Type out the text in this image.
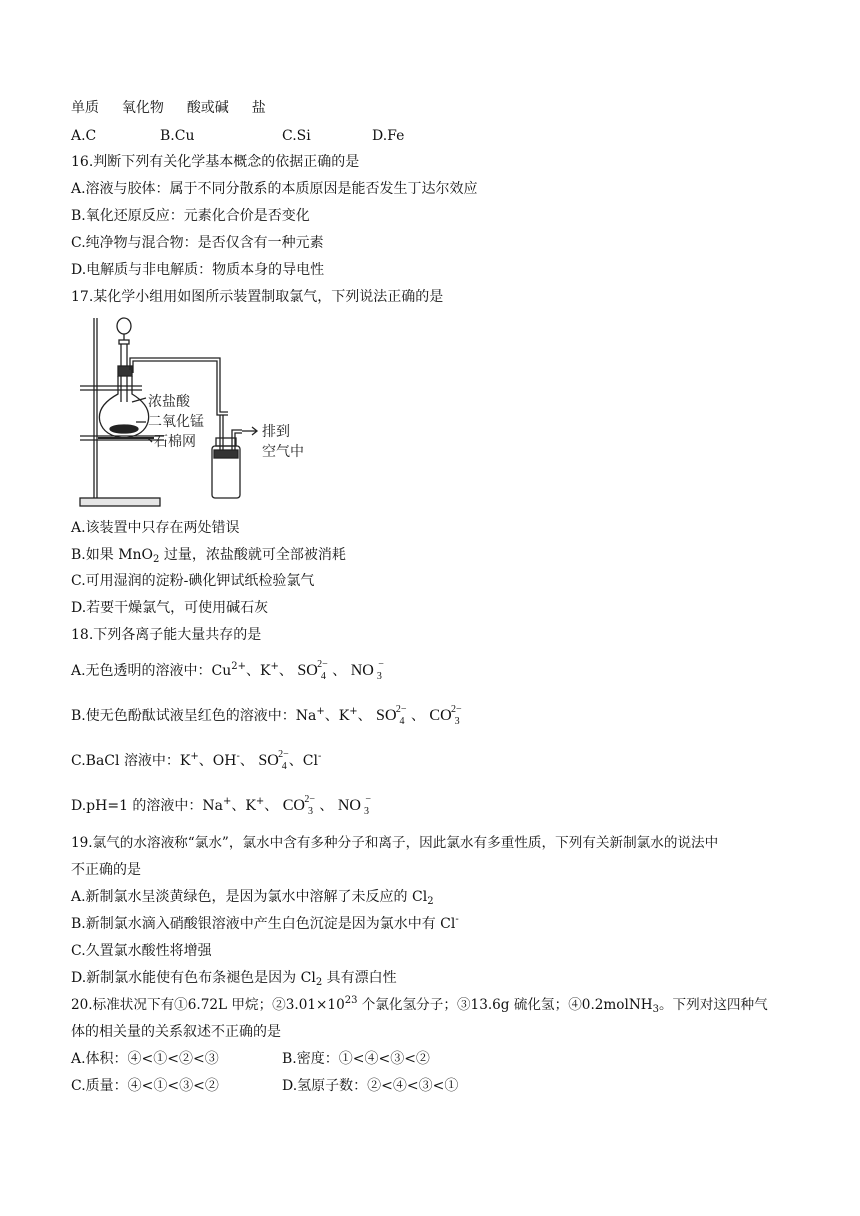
单质 氧化物 酸或碱 盐
A.C	B.Cu	C.Si	D.Fe
16.判断下列有关化学基本概念的依据正确的是
A.溶液与胶体：属于不同分散系的本质原因是能否发生丁达尔效应
B.氧化还原反应：元素化合价是否变化
C.纯净物与混合物：是否仅含有一种元素
D.电解质与非电解质：物质本身的导电性
17.某化学小组用如图所示装置制取氯气，下列说法正确的是
浓盐酸
二氧化锰
石棉网
排到
空气中
A.该装置中只存在两处错误
B.如果 MnO$_2$ 过量，浓盐酸就可全部被消耗
C.可用湿润的淀粉-碘化钾试纸检验氯气
D.若要干燥氯气，可使用碱石灰
18.下列各离子能大量共存的是
A.无色透明的溶液中：$Cu^{2+}$、K+、 SO 2−
4 、 NO −
3
B.使无色酚酞试液呈红色的溶液中：Na+、K+、 SO 2−
4 、 CO 2−
3
C.BaCl 溶液中：K+、OH-、 SO 2−
4 、Cl-
D.pH=1 的溶液中：Na+、K+、 CO 2−
3 、 NO −
3
19.氯气的水溶液称“氯水”，氯水中含有多种分子和离子，因此氯水有多重性质，下列有关新制氯水的说法中
不正确的是
A.新制氯水呈淡黄绿色，是因为氯水中溶解了未反应的 $Cl_2$
B.新制氯水滴入硝酸银溶液中产生白色沉淀是因为氯水中有 Cl-
C.久置氯水酸性将增强
D.新制氯水能使有色布条褪色是因为 $Cl_2$ 具有漂白性
20.标准状况下有①6.72L 甲烷；$②3.01\times 10^{23}$ 个氯化氢分子；③13.6g 硫化氢；④0.2molNH$_3$。下列对这四种气
体的相关量的关系叙述不正确的是
A.体积：④<①<②<③	B.密度：①<④<③<②
C.质量：④<①<③<②	D.氢原子数：②<④<③<①
